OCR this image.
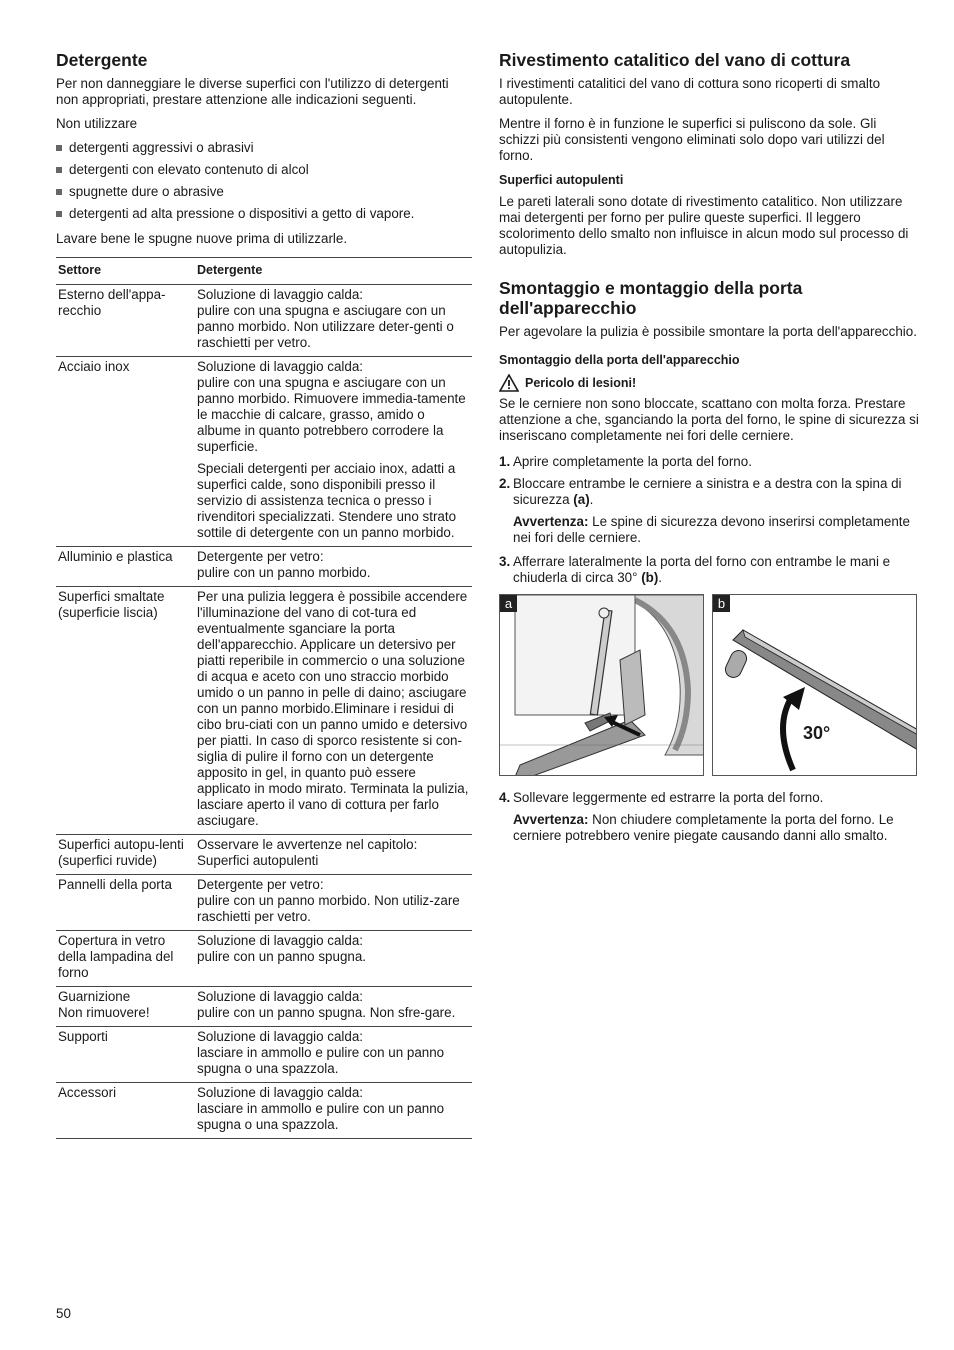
Detergente

Per non danneggiare le diverse superfici con l'utilizzo di detergenti non appropriati, prestare attenzione alle indicazioni seguenti.

Non utilizzare

detergenti aggressivi o abrasivi
detergenti con elevato contenuto di alcol
spugnette dure o abrasive
detergenti ad alta pressione o dispositivi a getto di vapore.

Lavare bene le spugne nuove prima di utilizzarle.

Settore	Detergente
Esterno dell'appa-recchio	Soluzione di lavaggio calda:
pulire con una spugna e asciugare con un panno morbido. Non utilizzare deter-genti o raschietti per vetro.

Acciaio inox	Soluzione di lavaggio calda:
pulire con una spugna e asciugare con un panno morbido. Rimuovere immedia-tamente le macchie di calcare, grasso, amido o albume in quanto potrebbero corrodere la superficie.
Speciali detergenti per acciaio inox, adatti a superfici calde, sono disponibili presso il servizio di assistenza tecnica o presso i rivenditori specializzati. Stendere uno strato sottile di detergente con un panno morbido.

Alluminio e plastica	Detergente per vetro:
pulire con un panno morbido.

Superfici smaltate (superficie liscia)	Per una pulizia leggera è possibile accendere l'illuminazione del vano di cot-tura ed eventualmente sganciare la porta dell'apparecchio. Applicare un detersivo per piatti reperibile in commercio o una soluzione di acqua e aceto con uno straccio morbido umido o un panno in pelle di daino; asciugare con un panno morbido.Eliminare i residui di cibo bru-ciati con un panno umido e detersivo per piatti. In caso di sporco resistente si con-siglia di pulire il forno con un detergente apposito in gel, in quanto può essere applicato in modo mirato. Terminata la pulizia, lasciare aperto il vano di cottura per farlo asciugare.

Superfici autopu-lenti (superfici ruvide)	Osservare le avvertenze nel capitolo: Superfici autopulenti

Pannelli della porta	Detergente per vetro:
pulire con un panno morbido. Non utiliz-zare raschietti per vetro.

Copertura in vetro della lampadina del forno	Soluzione di lavaggio calda:
pulire con un panno spugna.

Guarnizione
Non rimuovere!	Soluzione di lavaggio calda:
pulire con un panno spugna. Non sfre-gare.

Supporti	Soluzione di lavaggio calda:
lasciare in ammollo e pulire con un panno spugna o una spazzola.

Accessori	Soluzione di lavaggio calda:
lasciare in ammollo e pulire con un panno spugna o una spazzola.
Rivestimento catalitico del vano di cottura

I rivestimenti catalitici del vano di cottura sono ricoperti di smalto autopulente.

Mentre il forno è in funzione le superfici si puliscono da sole. Gli schizzi più consistenti vengono eliminati solo dopo vari utilizzi del forno.

Superfici autopulenti

Le pareti laterali sono dotate di rivestimento catalitico. Non utilizzare mai detergenti per forno per pulire queste superfici. Il leggero scolorimento dello smalto non influisce in alcun modo sul processo di autopulizia.

Smontaggio e montaggio della porta dell'apparecchio

Per agevolare la pulizia è possibile smontare la porta dell'apparecchio.

Smontaggio della porta dell'apparecchio
Pericolo di lesioni!

Se le cerniere non sono bloccate, scattano con molta forza. Prestare attenzione a che, sganciando la porta del forno, le spine di sicurezza si inseriscano completamente nei fori delle cerniere.

1. Aprire completamente la porta del forno.
2. Bloccare entrambe le cerniere a sinistra e a destra con la spina di sicurezza (a).

Avvertenza: Le spine di sicurezza devono inserirsi completamente nei fori delle cerniere.

3. Afferrare lateralmente la porta del forno con entrambe le mani e chiuderla di circa 30° (b).
a	b
30°
4. Sollevare leggermente ed estrarre la porta del forno.

Avvertenza: Non chiudere completamente la porta del forno. Le cerniere potrebbero venire piegate causando danni allo smalto.

50
